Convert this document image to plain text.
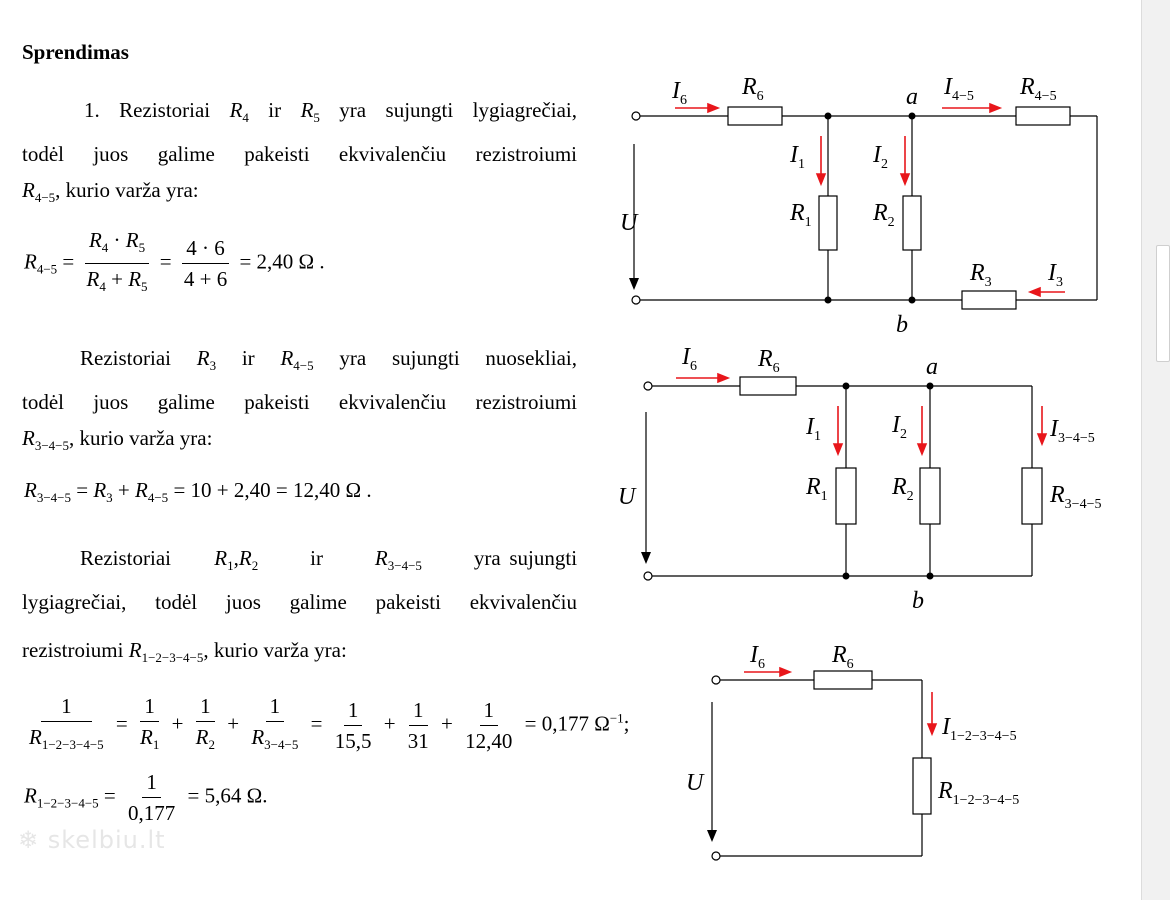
Sprendimas
1. Rezistoriai $R_4$ ir $R_5$ yra sujungti lygiagrečiai,
todėl juos galime pakeisti ekvivalenčiu rezistroiumi
$R_{4-5}$, kurio varža yra:
$R_{4-5} = \frac{R_4 \cdot R_5}{R_4 + R_5} = \frac{4 \cdot 6}{4 + 6} = 2,40$ Ω .
Rezistoriai $R_3$ ir $R_{4-5}$ yra sujungti nuosekliai,
todėl juos galime pakeisti ekvivalenčiu rezistroiumi
$R_{3-4-5}$, kurio varža yra:
$R_{3-4-5} = R_3 + R_{4-5} = 10 + 2,40 = 12,40$ Ω .
Rezistoriai $R_1,R_2$ ir $R_{3-4-5}$ yra sujungti
lygiagrečiai, todėl juos galime pakeisti ekvivalenčiu
rezistroiumi $R_{1-2-3-4-5}$, kurio varža yra:
$\frac{1}{R_{1-2-3-4-5}} = \frac{1}{R_1} + \frac{1}{R_2} + \frac{1}{R_{3-4-5}} = \frac{1}{15,5} + \frac{1}{31} + \frac{1}{12,40} = 0,177$ $\Omega^{-1}$;
$R_{1-2-3-4-5} = \frac{1}{0,177} = 5,64$ Ω.
❄ skelbiu.lt
$I_6$
$R_6$	a $I_{4-5}$ $R_{4-5}$
$I_1$	$I_2$
$R_1$	$R_2$
$R_3$ $I_3$
U
b
$I_6$	$R_6$	a
$I_1$	$I_2$	$I_{3-4-5}$
$R_1$	$R_2$	$R_{3-4-5}$
U
b
$I_6$	$R_6$
$I_{1-2-3-4-5}$
$R_{1-2-3-4-5}$
U
